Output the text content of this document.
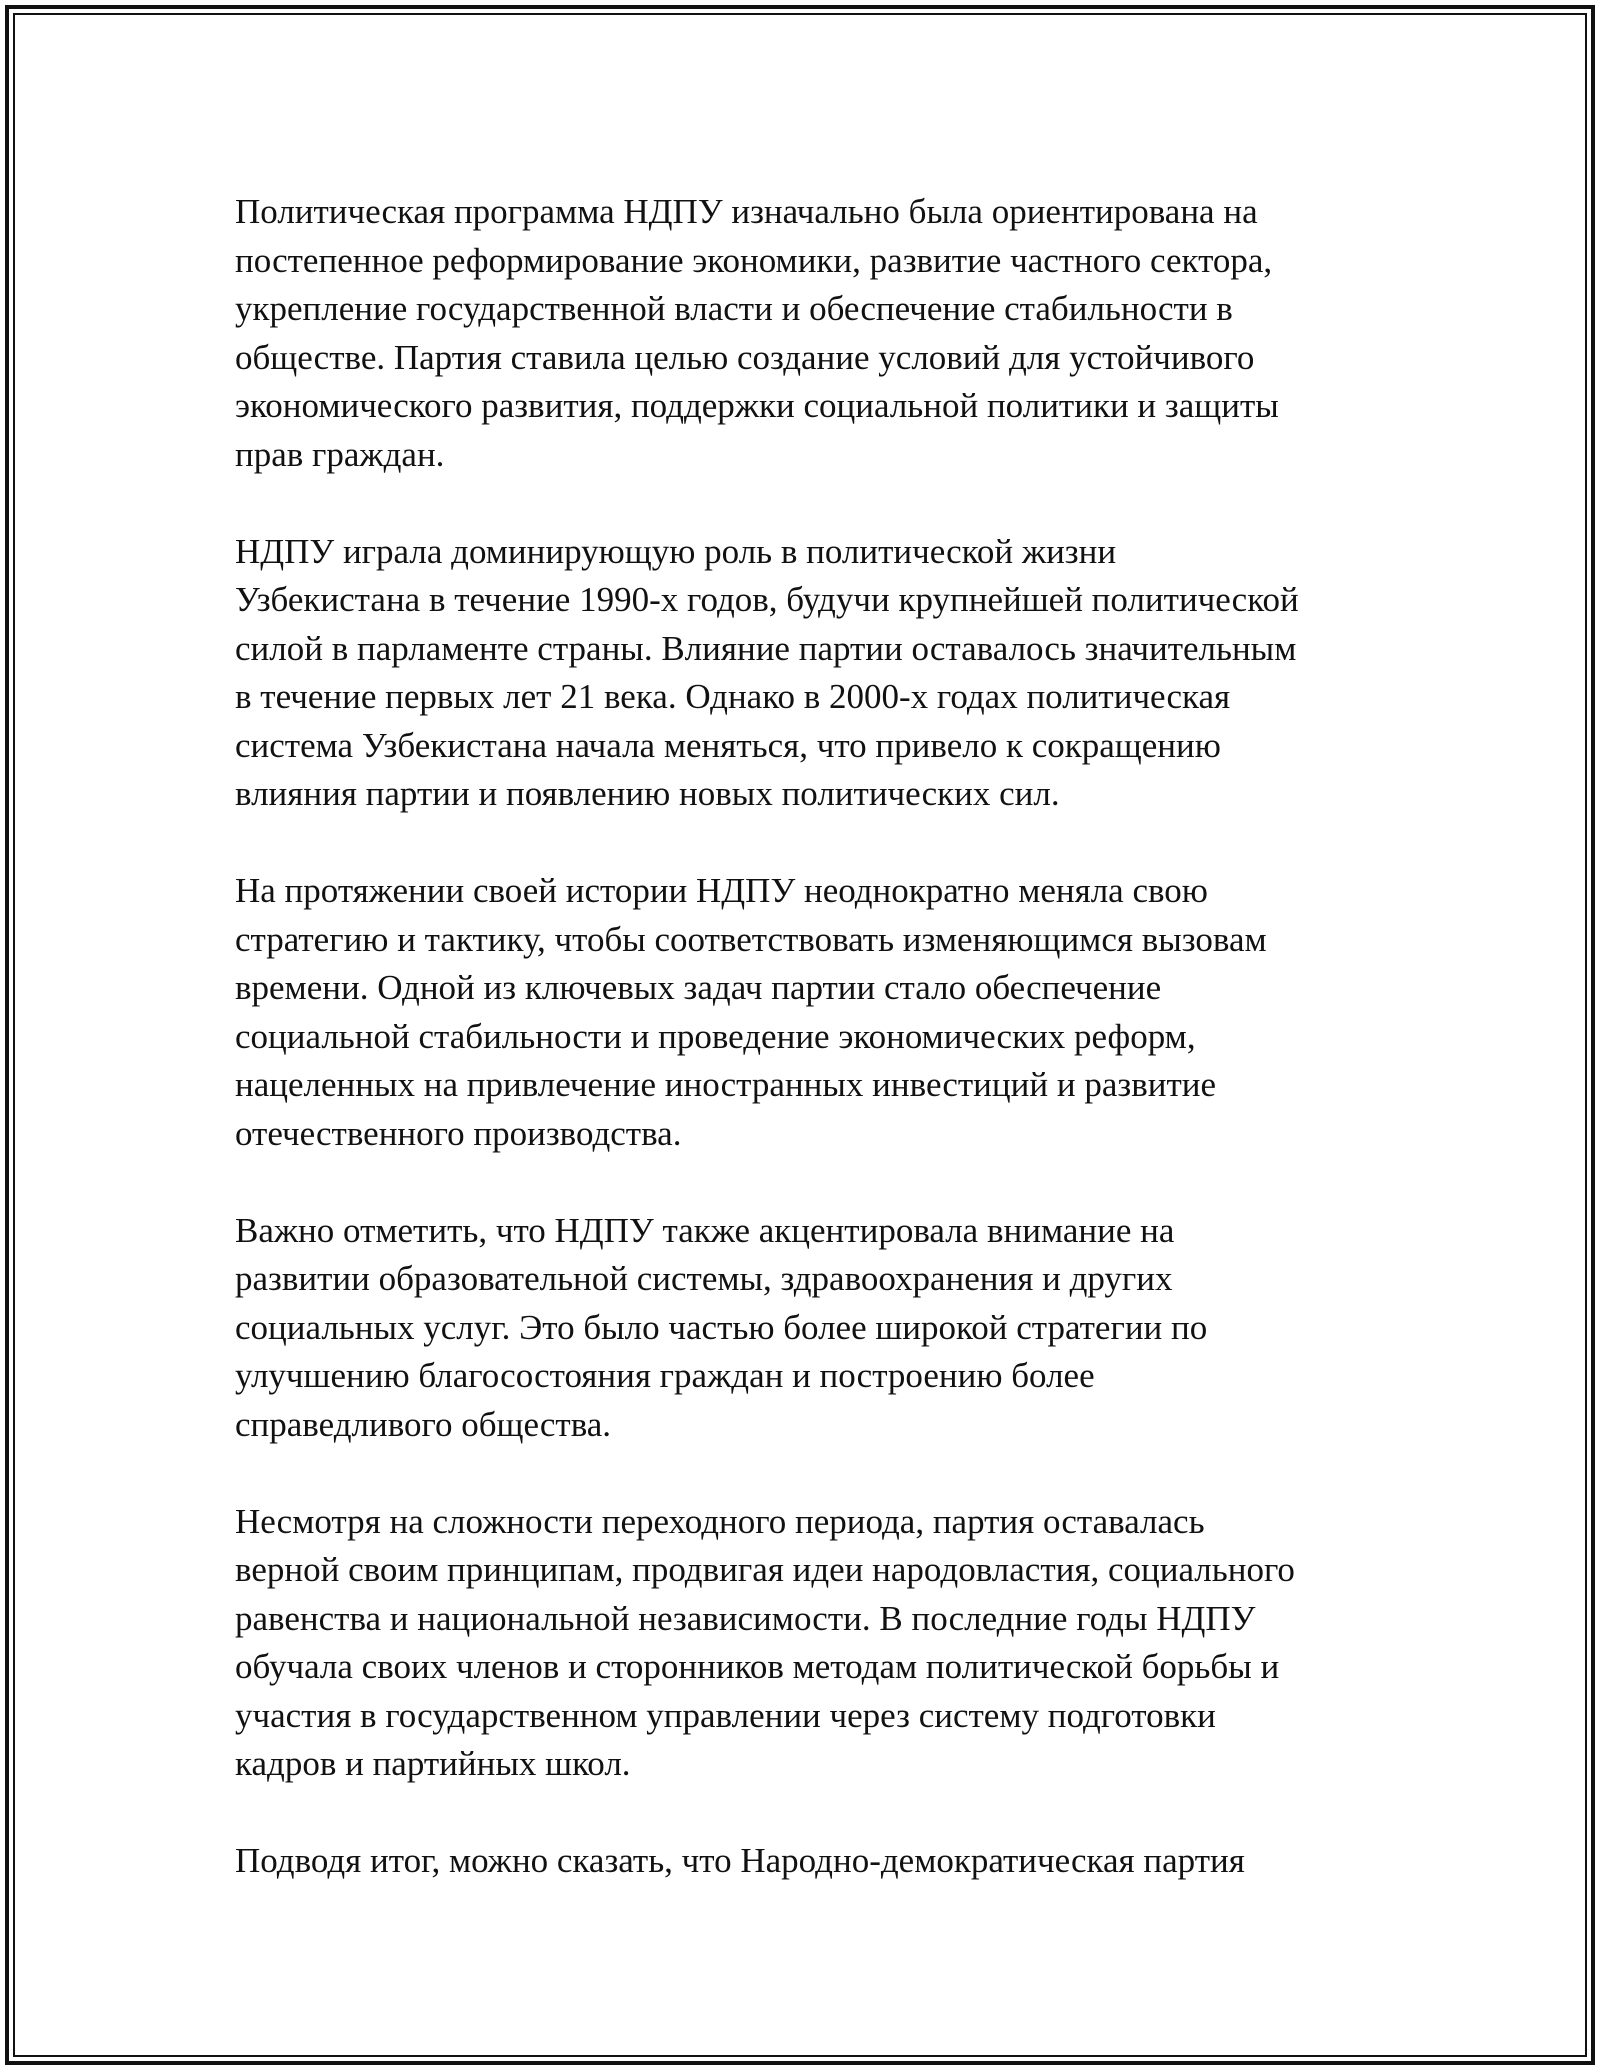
Политическая программа НДПУ изначально была ориентирована на
постепенное реформирование экономики, развитие частного сектора,
укрепление государственной власти и обеспечение стабильности в
обществе. Партия ставила целью создание условий для устойчивого
экономического развития, поддержки социальной политики и защиты
прав граждан.

НДПУ играла доминирующую роль в политической жизни
Узбекистана в течение 1990-х годов, будучи крупнейшей политической
силой в парламенте страны. Влияние партии оставалось значительным
в течение первых лет 21 века. Однако в 2000-х годах политическая
система Узбекистана начала меняться, что привело к сокращению
влияния партии и появлению новых политических сил.

На протяжении своей истории НДПУ неоднократно меняла свою
стратегию и тактику, чтобы соответствовать изменяющимся вызовам
времени. Одной из ключевых задач партии стало обеспечение
социальной стабильности и проведение экономических реформ,
нацеленных на привлечение иностранных инвестиций и развитие
отечественного производства.

Важно отметить, что НДПУ также акцентировала внимание на
развитии образовательной системы, здравоохранения и других
социальных услуг. Это было частью более широкой стратегии по
улучшению благосостояния граждан и построению более
справедливого общества.

Несмотря на сложности переходного периода, партия оставалась
верной своим принципам, продвигая идеи народовластия, социального
равенства и национальной независимости. В последние годы НДПУ
обучала своих членов и сторонников методам политической борьбы и
участия в государственном управлении через систему подготовки
кадров и партийных школ.

Подводя итог, можно сказать, что Народно-демократическая партия
